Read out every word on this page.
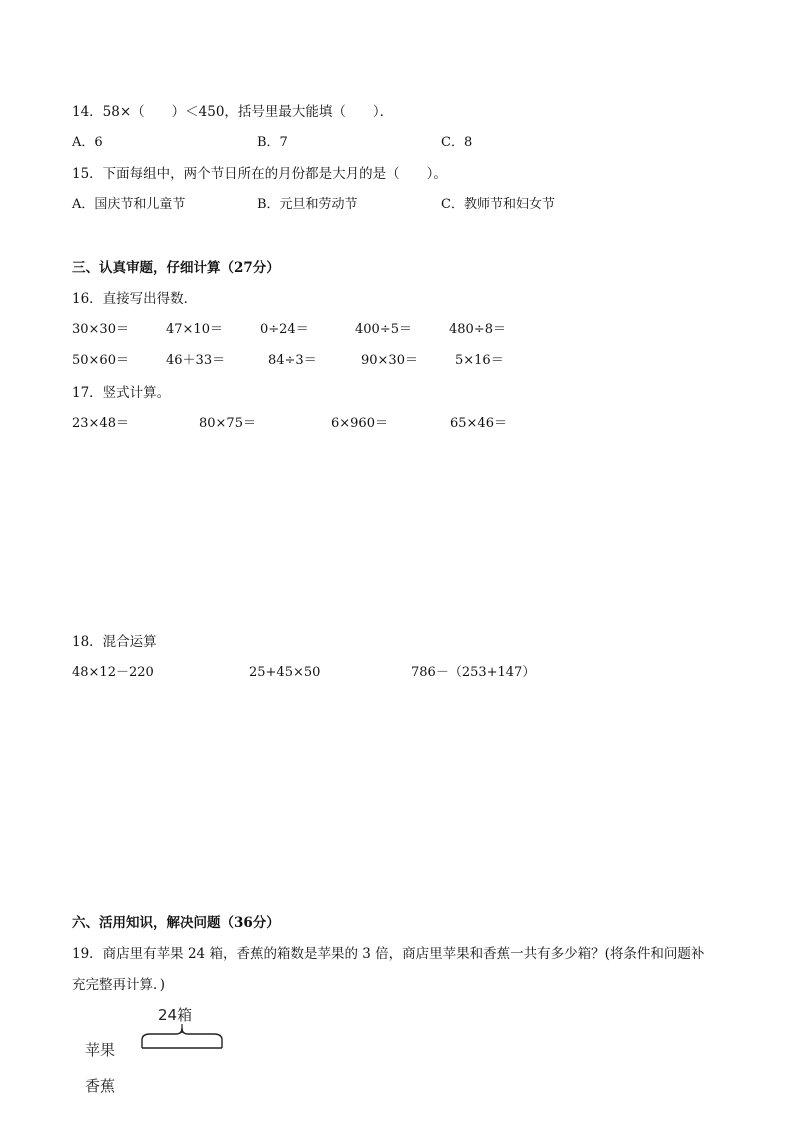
14．58×（　　）＜450，括号里最大能填（　　）．
A．6	B．7	C．8
15．下面每组中，两个节日所在的月份都是大月的是（　　）。
A．国庆节和儿童节	B．元旦和劳动节	C．教师节和妇女节
三、认真审题，仔细计算（27分）
16．直接写出得数．
30×30＝	47×10＝	0÷24＝	400÷5＝	480÷8＝
50×60＝	46＋33＝	84÷3＝	90×30＝	5×16＝
17．竖式计算。
23×48＝	80×75＝	6×960＝	65×46＝
18．混合运算
48×12－220	25+45×50	786－（253+147）
六、活用知识，解决问题（36分）
19．商店里有苹果 24 箱，香蕉的箱数是苹果的 3 倍，商店里苹果和香蕉一共有多少箱？(将条件和问题补
充完整再计算．)
24箱
苹果
香蕉
